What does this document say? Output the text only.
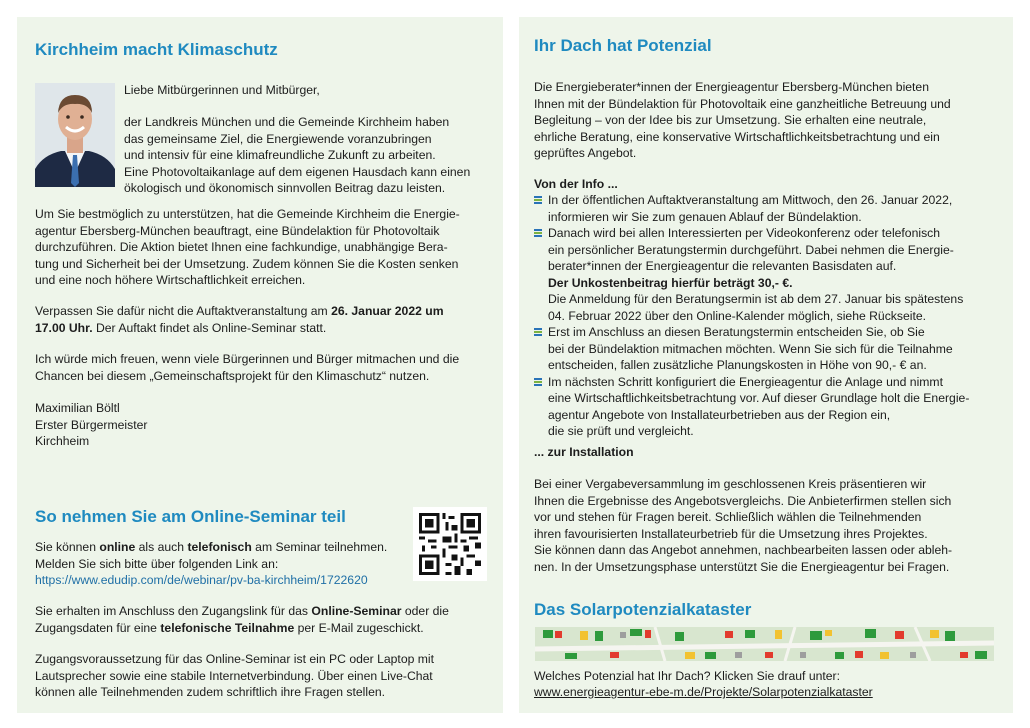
Kirchheim macht Klimaschutz
Liebe Mitbürgerinnen und Mitbürger,
der Landkreis München und die Gemeinde Kirchheim haben
das gemeinsame Ziel, die Energiewende voranzubringen
und intensiv für eine klimafreundliche Zukunft zu arbeiten.
Eine Photovoltaikanlage auf dem eigenen Hausdach kann einen
ökologisch und ökonomisch sinnvollen Beitrag dazu leisten.
Um Sie bestmöglich zu unterstützen, hat die Gemeinde Kirchheim die Energie-
agentur Ebersberg-München beauftragt, eine Bündelaktion für Photovoltaik
durchzuführen. Die Aktion bietet Ihnen eine fachkundige, unabhängige Bera-
tung und Sicherheit bei der Umsetzung. Zudem können Sie die Kosten senken
und eine noch höhere Wirtschaftlichkeit erreichen.
Verpassen Sie dafür nicht die Auftaktveranstaltung am 26. Januar 2022 um
17.00 Uhr. Der Auftakt findet als Online-Seminar statt.
Ich würde mich freuen, wenn viele Bürgerinnen und Bürger mitmachen und die
Chancen bei diesem „Gemeinschaftsprojekt für den Klimaschutz“ nutzen.
Maximilian Böltl
Erster Bürgermeister
Kirchheim
So nehmen Sie am Online-Seminar teil
Sie können online als auch telefonisch am Seminar teilnehmen.
Melden Sie sich bitte über folgenden Link an:
https://www.edudip.com/de/webinar/pv-ba-kirchheim/1722620
Sie erhalten im Anschluss den Zugangslink für das Online-Seminar oder die
Zugangsdaten für eine telefonische Teilnahme per E-Mail zugeschickt.
Zugangsvoraussetzung für das Online-Seminar ist ein PC oder Laptop mit
Lautsprecher sowie eine stabile Internetverbindung. Über einen Live-Chat
können alle Teilnehmenden zudem schriftlich ihre Fragen stellen.
Ihr Dach hat Potenzial
Die Energieberater*innen der Energieagentur Ebersberg-München bieten
Ihnen mit der Bündelaktion für Photovoltaik eine ganzheitliche Betreuung und
Begleitung – von der Idee bis zur Umsetzung. Sie erhalten eine neutrale,
ehrliche Beratung, eine konservative Wirtschaftlichkeitsbetrachtung und ein
geprüftes Angebot.
Von der Info ...
In der öffentlichen Auftaktveranstaltung am Mittwoch, den 26. Januar 2022,
informieren wir Sie zum genauen Ablauf der Bündelaktion.
Danach wird bei allen Interessierten per Videokonferenz oder telefonisch
ein persönlicher Beratungstermin durchgeführt. Dabei nehmen die Energie-
berater*innen der Energieagentur die relevanten Basisdaten auf.
Der Unkostenbeitrag hierfür beträgt 30,- €.
Die Anmeldung für den Beratungsermin ist ab dem 27. Januar bis spätestens
04. Februar 2022 über den Online-Kalender möglich, siehe Rückseite.
Erst im Anschluss an diesen Beratungstermin entscheiden Sie, ob Sie
bei der Bündelaktion mitmachen möchten. Wenn Sie sich für die Teilnahme
entscheiden, fallen zusätzliche Planungskosten in Höhe von 90,- € an.
Im nächsten Schritt konfiguriert die Energieagentur die Anlage und nimmt
eine Wirtschaftlichkeitsbetrachtung vor. Auf dieser Grundlage holt die Energie-
agentur Angebote von Installateurbetrieben aus der Region ein,
die sie prüft und vergleicht.
... zur Installation
Bei einer Vergabeversammlung im geschlossenen Kreis präsentieren wir
Ihnen die Ergebnisse des Angebotsvergleichs. Die Anbieterfirmen stellen sich
vor und stehen für Fragen bereit. Schließlich wählen die Teilnehmenden
ihren favourisierten Installateurbetrieb für die Umsetzung ihres Projektes.
Sie können dann das Angebot annehmen, nachbearbeiten lassen oder ableh-
nen. In der Umsetzungsphase unterstützt Sie die Energieagentur bei Fragen.
Das Solarpotenzialkataster
Welches Potenzial hat Ihr Dach? Klicken Sie drauf unter:
www.energieagentur-ebe-m.de/Projekte/Solarpotenzialkataster
